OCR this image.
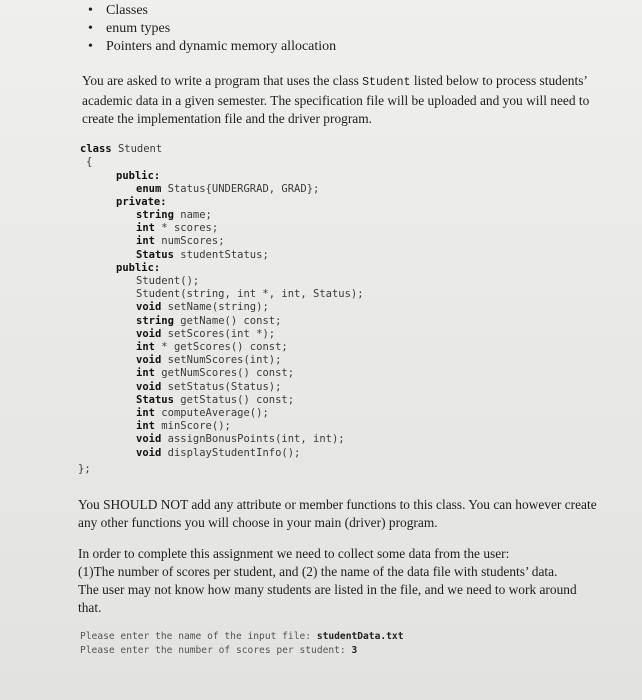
• Classes
• enum types
• Pointers and dynamic memory allocation
You are asked to write a program that uses the class Student listed below to process students’
academic data in a given semester. The specification file will be uploaded and you will need to
create the implementation file and the driver program.

class Student

{

public:

enum Status{UNDERGRAD, GRAD};

private:

string name;
int * scores;
int numScores;
Status studentStatus;

public:

Student();
Student(string, int *, int, Status);
void setName(string);
string getName() const;
void setScores(int *);
int * getScores() const;
void setNumScores(int);
int getNumScores() const;
void setStatus(Status);
Status getStatus() const;
int computeAverage();
int minScore();
void assignBonusPoints(int, int);
void displayStudentInfo();

};

You SHOULD NOT add any attribute or member functions to this class. You can however create
any other functions you will choose in your main (driver) program.
In order to complete this assignment we need to collect some data from the user:
(1)The number of scores per student, and (2) the name of the data file with students’ data.
The user may not know how many students are listed in the file, and we need to work around
that.
Please enter the name of the input file: studentData.txt
Please enter the number of scores per student: 3
